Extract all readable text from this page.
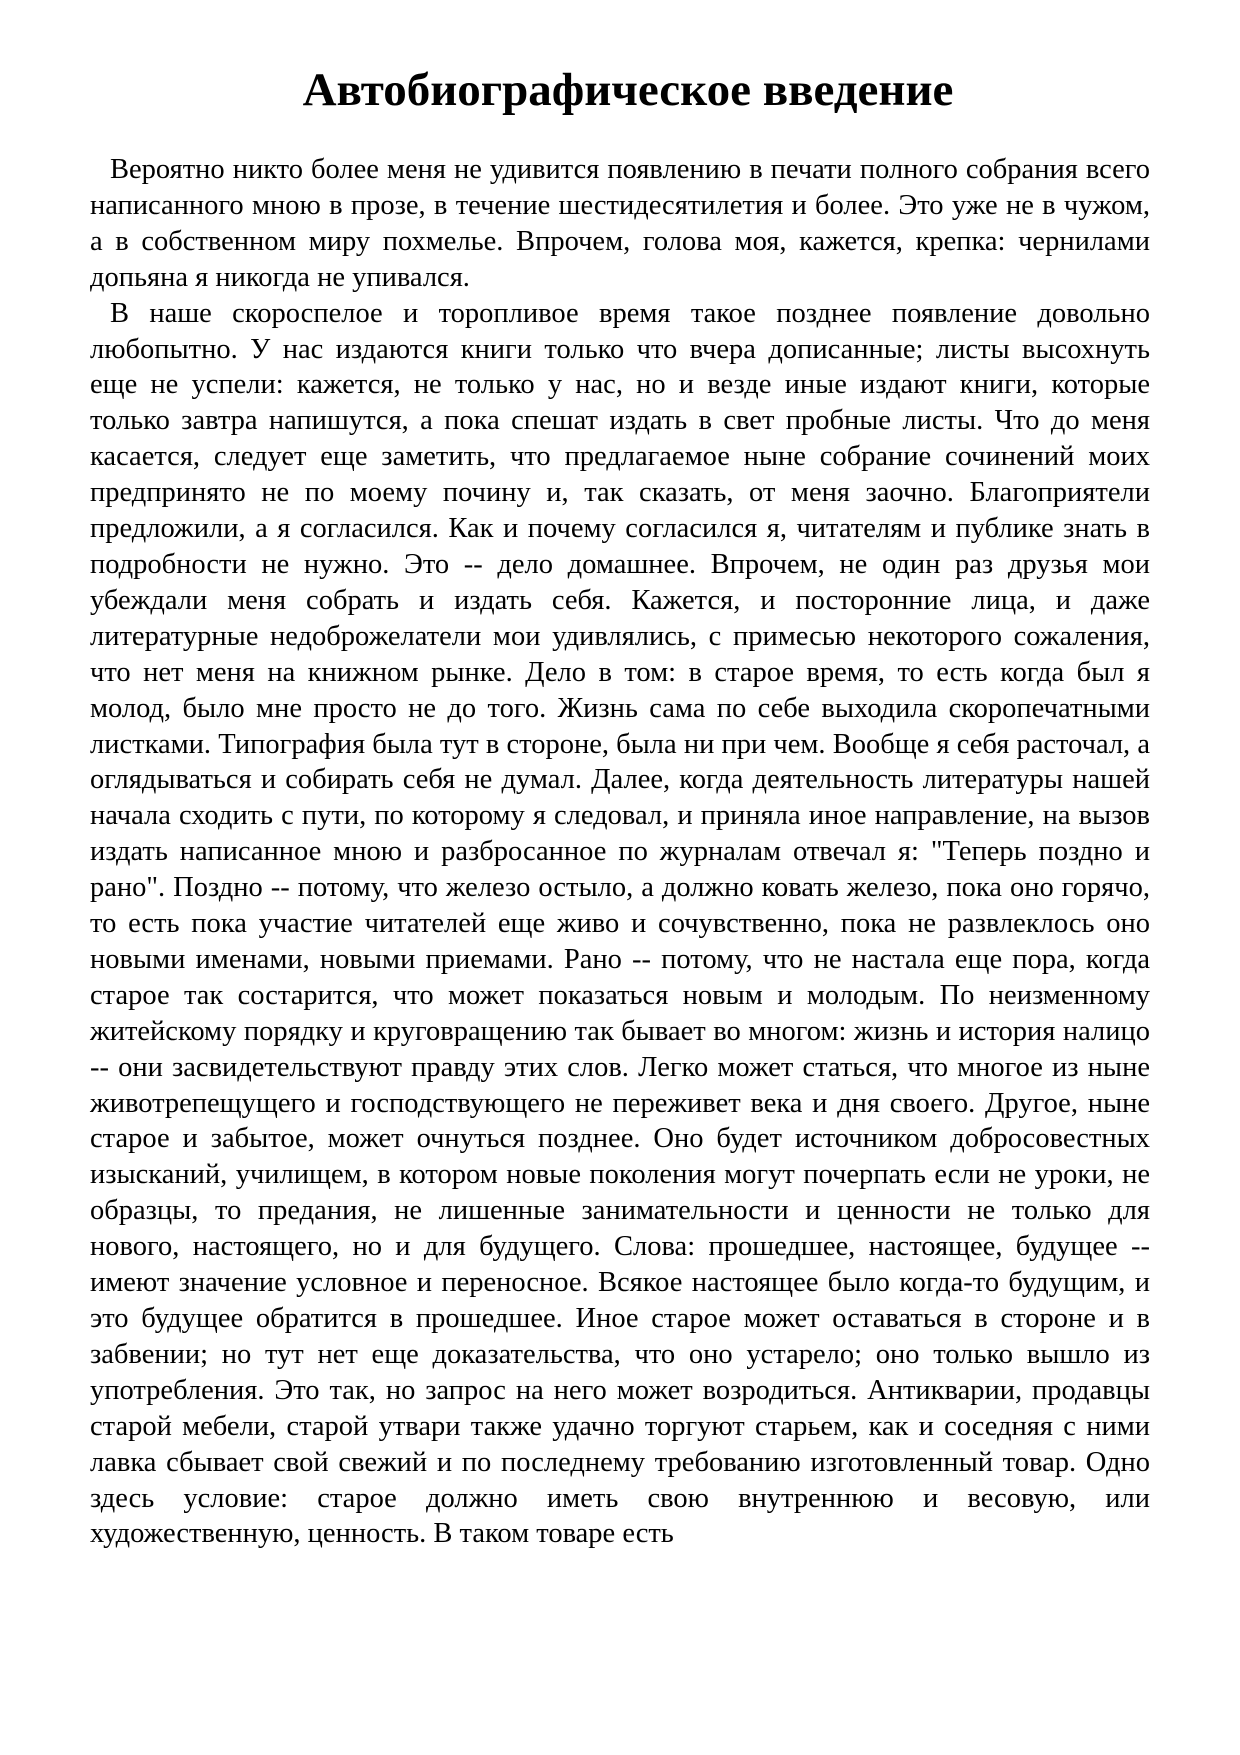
Автобиографическое введение

Вероятно никто более меня не удивится появлению в печати полного собрания всего написанного мною в прозе, в течение шестидесятилетия и более. Это уже не в чужом, а в собственном миру похмелье. Впрочем, голова моя, кажется, крепка: чернилами допьяна я никогда не упивался.

В наше скороспелое и торопливое время такое позднее появление довольно любопытно. У нас издаются книги только что вчера дописанные; листы высохнуть еще не успели: кажется, не только у нас, но и везде иные издают книги, которые только завтра напишутся, а пока спешат издать в свет пробные листы. Что до меня касается, следует еще заметить, что предлагаемое ныне собрание сочинений моих предпринято не по моему почину и, так сказать, от меня заочно. Благоприятели предложили, а я согласился. Как и почему согласился я, читателям и публике знать в подробности не нужно. Это -- дело домашнее. Впрочем, не один раз друзья мои убеждали меня собрать и издать себя. Кажется, и посторонние лица, и даже литературные недоброжелатели мои удивлялись, с примесью некоторого сожаления, что нет меня на книжном рынке. Дело в том: в старое время, то есть когда был я молод, было мне просто не до того. Жизнь сама по себе выходила скоропечатными листками. Типография была тут в стороне, была ни при чем. Вообще я себя расточал, а оглядываться и собирать себя не думал. Далее, когда деятельность литературы нашей начала сходить с пути, по которому я следовал, и приняла иное направление, на вызов издать написанное мною и разбросанное по журналам отвечал я: "Теперь поздно и рано". Поздно -- потому, что железо остыло, а должно ковать железо, пока оно горячо, то есть пока участие читателей еще живо и сочувственно, пока не развлеклось оно новыми именами, новыми приемами. Рано -- потому, что не настала еще пора, когда старое так состарится, что может показаться новым и молодым. По неизменному житейскому порядку и круговращению так бывает во многом: жизнь и история налицо -- они засвидетельствуют правду этих слов. Легко может статься, что многое из ныне животрепещущего и господствующего не переживет века и дня своего. Другое, ныне старое и забытое, может очнуться позднее. Оно будет источником добросовестных изысканий, училищем, в котором новые поколения могут почерпать если не уроки, не образцы, то предания, не лишенные занимательности и ценности не только для нового, настоящего, но и для будущего. Слова: прошедшее, настоящее, будущее -- имеют значение условное и переносное. Всякое настоящее было когда-то будущим, и это будущее обратится в прошедшее. Иное старое может оставаться в стороне и в забвении; но тут нет еще доказательства, что оно устарело; оно только вышло из употребления. Это так, но запрос на него может возродиться. Антикварии, продавцы старой мебели, старой утвари также удачно торгуют старьем, как и соседняя с ними лавка сбывает свой свежий и по последнему требованию изготовленный товар. Одно здесь условие: старое должно иметь свою внутреннюю и весовую, или художественную, ценность. В таком товаре есть
